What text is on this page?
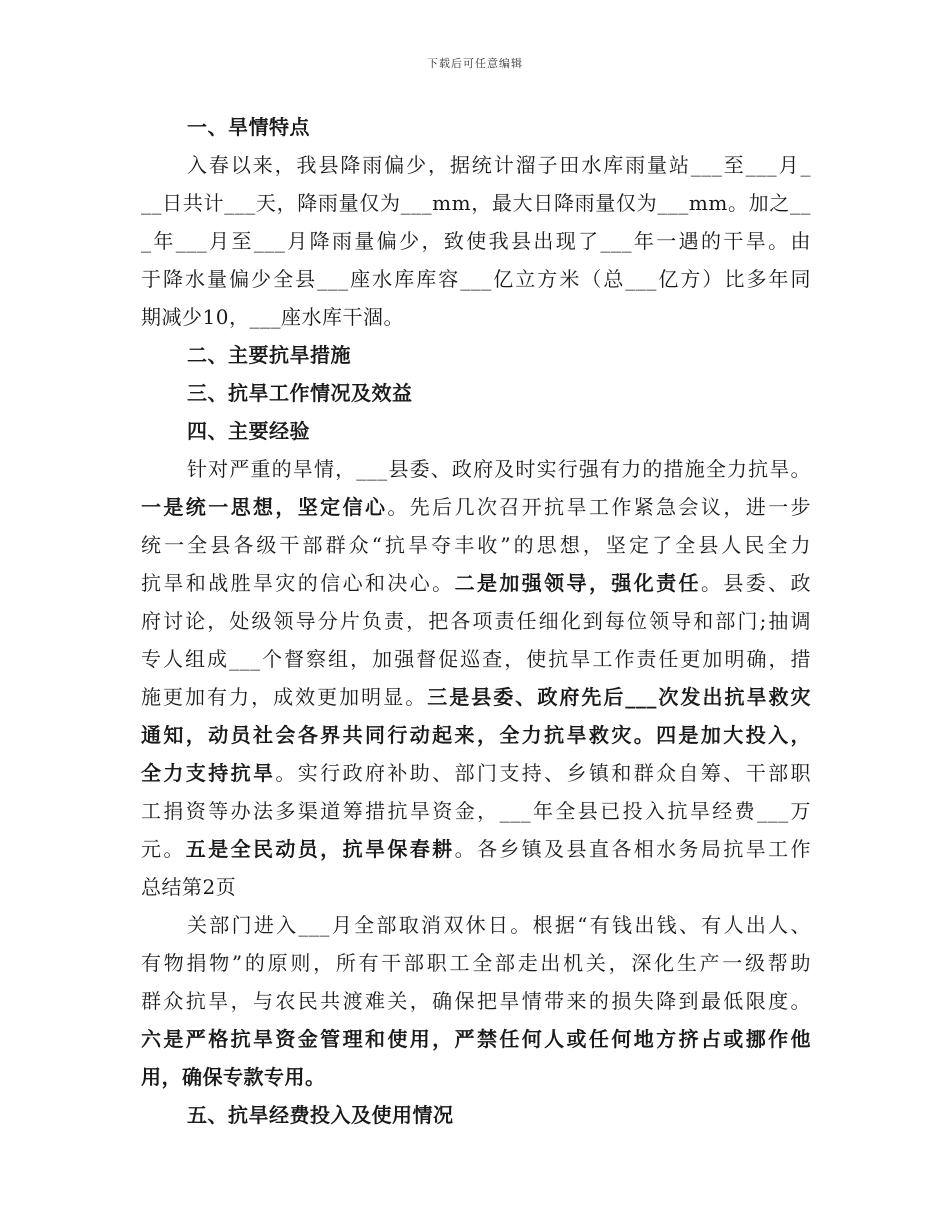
下载后可任意编辑
一、旱情特点
入春以来，我县降雨偏少，据统计溜子田水库雨量站___至___月_
__日共计___天，降雨量仅为___mm，最大日降雨量仅为___mm。加之__
_年___月至___月降雨量偏少，致使我县出现了___年一遇的干旱。由
于降水量偏少全县___座水库库容___亿立方米（总___亿方）比多年同
期减少10，___座水库干涸。
二、主要抗旱措施
三、抗旱工作情况及效益
四、主要经验
针对严重的旱情，___县委、政府及时实行强有力的措施全力抗旱。
一是统一思想，坚定信心。先后几次召开抗旱工作紧急会议，进一步
统一全县各级干部群众“抗旱夺丰收”的思想，坚定了全县人民全力
抗旱和战胜旱灾的信心和决心。二是加强领导，强化责任。县委、政
府讨论，处级领导分片负责，把各项责任细化到每位领导和部门;抽调
专人组成___个督察组，加强督促巡查，使抗旱工作责任更加明确，措
施更加有力，成效更加明显。三是县委、政府先后___次发出抗旱救灾
通知，动员社会各界共同行动起来，全力抗旱救灾。四是加大投入，
全力支持抗旱。实行政府补助、部门支持、乡镇和群众自筹、干部职
工捐资等办法多渠道筹措抗旱资金，___年全县已投入抗旱经费___万
元。五是全民动员，抗旱保春耕。各乡镇及县直各相水务局抗旱工作
总结第2页
关部门进入___月全部取消双休日。根据“有钱出钱、有人出人、
有物捐物”的原则，所有干部职工全部走出机关，深化生产一级帮助
群众抗旱，与农民共渡难关，确保把旱情带来的损失降到最低限度。
六是严格抗旱资金管理和使用，严禁任何人或任何地方挤占或挪作他
用，确保专款专用。
五、抗旱经费投入及使用情况
